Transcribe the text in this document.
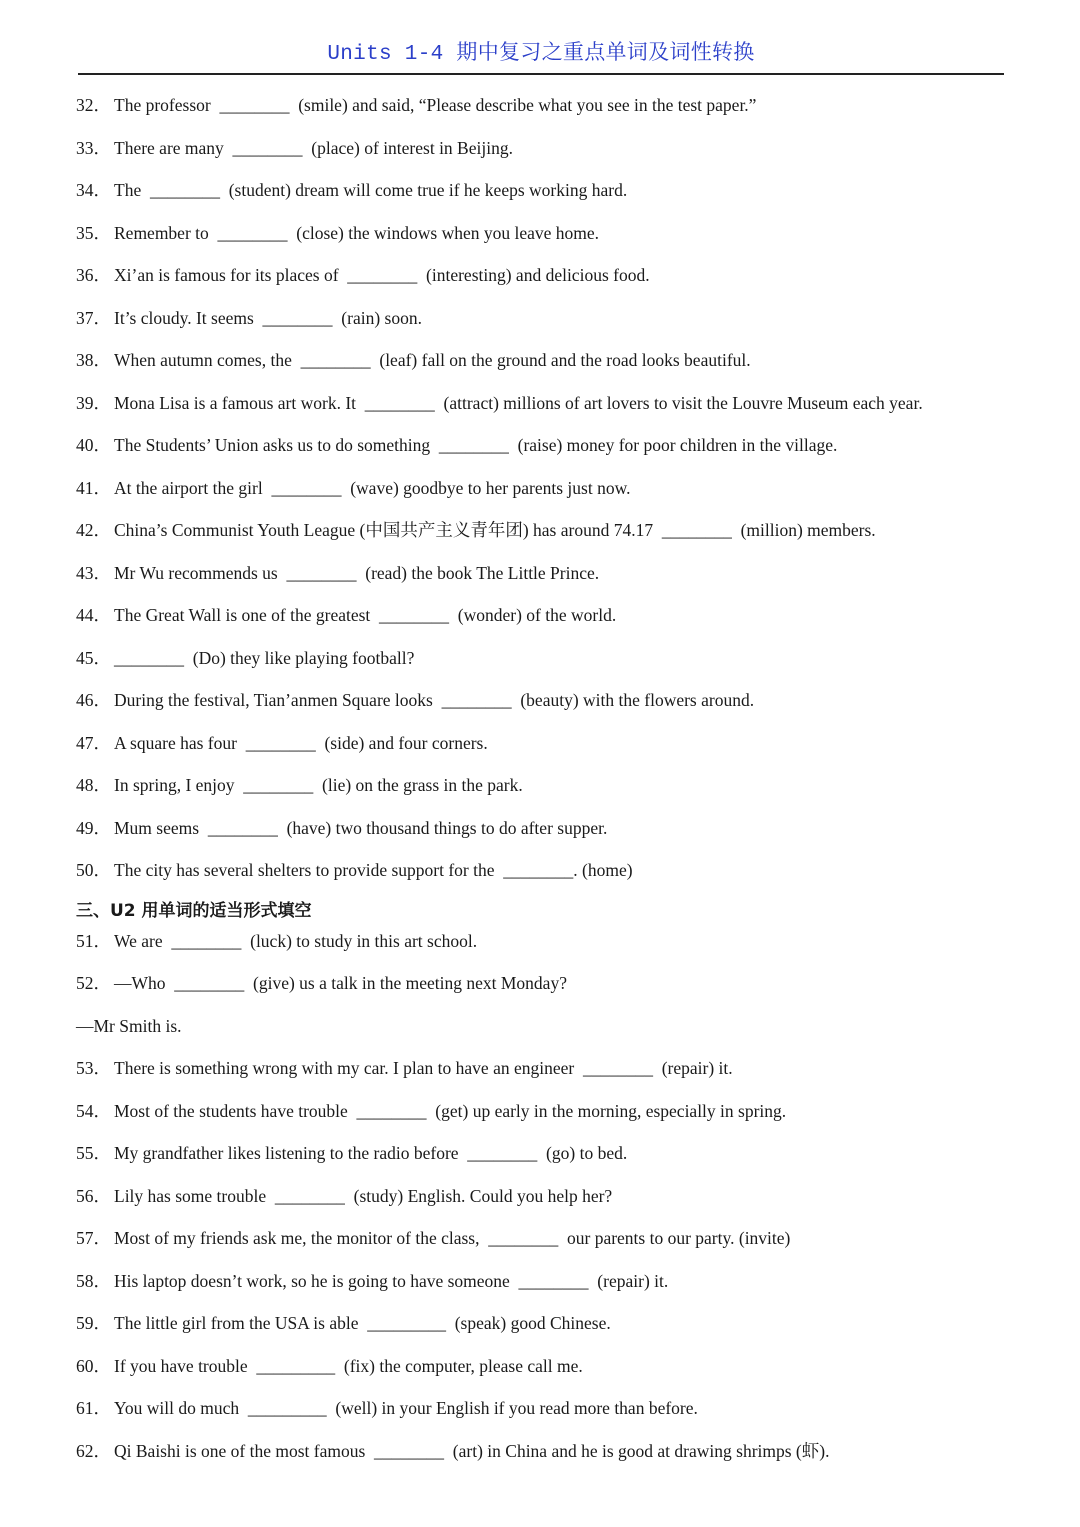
Units 1-4 期中复习之重点单词及词性转换
32． The professor  ________  (smile) and said, “Please describe what you see in the test paper.”
33． There are many  ________  (place) of interest in Beijing.
34． The  ________  (student) dream will come true if he keeps working hard.
35． Remember to  ________  (close) the windows when you leave home.
36． Xi’an is famous for its places of  ________  (interesting) and delicious food.
37． It’s cloudy. It seems  ________  (rain) soon.
38． When autumn comes, the  ________  (leaf) fall on the ground and the road looks beautiful.
39． Mona Lisa is a famous art work. It  ________  (attract) millions of art lovers to visit the Louvre Museum each year.
40． The Students’ Union asks us to do something  ________  (raise) money for poor children in the village.
41． At the airport the girl  ________  (wave) goodbye to her parents just now.
42． China’s Communist Youth League (中国共产主义青年团) has around 74.17  ________  (million) members.
43． Mr Wu recommends us  ________  (read) the book The Little Prince.
44． The Great Wall is one of the greatest  ________  (wonder) of the world.
45． ________  (Do) they like playing football?
46． During the festival, Tian’anmen Square looks  ________  (beauty) with the flowers around.
47． A square has four  ________  (side) and four corners.
48． In spring, I enjoy  ________  (lie) on the grass in the park.
49． Mum seems  ________  (have) two thousand things to do after supper.
50． The city has several shelters to provide support for the  ________. (home)
三、U2 用单词的适当形式填空
51． We are  ________  (luck) to study in this art school.
52． —Who  ________  (give) us a talk in the meeting next Monday?
—Mr Smith is.
53． There is something wrong with my car. I plan to have an engineer  ________  (repair) it.
54． Most of the students have trouble  ________  (get) up early in the morning, especially in spring.
55． My grandfather likes listening to the radio before  ________  (go) to bed.
56． Lily has some trouble  ________  (study) English. Could you help her?
57． Most of my friends ask me, the monitor of the class,  ________  our parents to our party. (invite)
58． His laptop doesn’t work, so he is going to have someone  ________  (repair) it.
59． The little girl from the USA is able  _________  (speak) good Chinese.
60． If you have trouble  _________  (fix) the computer, please call me.
61． You will do much  _________  (well) in your English if you read more than before.
62． Qi Baishi is one of the most famous  ________  (art) in China and he is good at drawing shrimps (虾).
